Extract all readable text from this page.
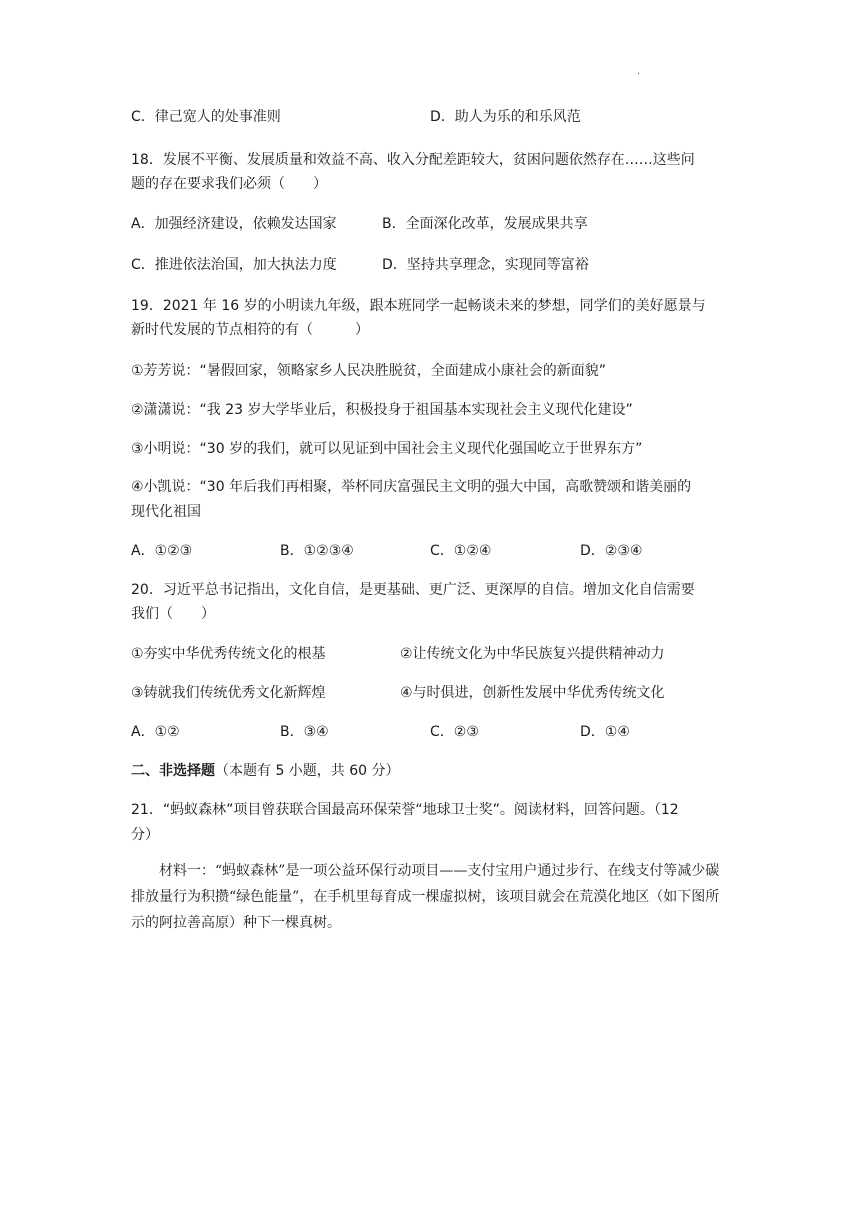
.
C．律己宽人的处事准则	D．助人为乐的和乐风范
18．发展不平衡、发展质量和效益不高、收入分配差距较大，贫困问题依然存在……这些问
题的存在要求我们必须（　　）
A．加强经济建设，依赖发达国家	B．全面深化改革，发展成果共享
C．推进依法治国，加大执法力度	D．坚持共享理念，实现同等富裕
19．2021 年 16 岁的小明读九年级，跟本班同学一起畅谈未来的梦想，同学们的美好愿景与
新时代发展的节点相符的有（　　　）
①芳芳说：“暑假回家，领略家乡人民决胜脱贫，全面建成小康社会的新面貌”
②潇潇说：“我 23 岁大学毕业后，积极投身于祖国基本实现社会主义现代化建设”
③小明说：“30 岁的我们，就可以见证到中国社会主义现代化强国屹立于世界东方”
④小凯说：“30 年后我们再相聚，举杯同庆富强民主文明的强大中国，高歌赞颂和谐美丽的
现代化祖国
A．①②③	B．①②③④	C．①②④	D．②③④
20．习近平总书记指出，文化自信，是更基础、更广泛、更深厚的自信。增加文化自信需要
我们（　　）
①夯实中华优秀传统文化的根基	②让传统文化为中华民族复兴提供精神动力
③铸就我们传统优秀文化新辉煌	④与时俱进，创新性发展中华优秀传统文化
A．①②	B．③④	C．②③	D．①④
二、非选择题（本题有 5 小题，共 60 分）
21．“蚂蚁森林”项目曾获联合国最高环保荣誉“地球卫士奖”。阅读材料，回答问题。（12
分）
材料一：“蚂蚁森林”是一项公益环保行动项目——支付宝用户通过步行、在线支付等减少碳排放量行为积攒“绿色能量”，在手机里每育成一棵虚拟树，该项目就会在荒漠化地区（如下图所示的阿拉善高原）种下一棵真树。
